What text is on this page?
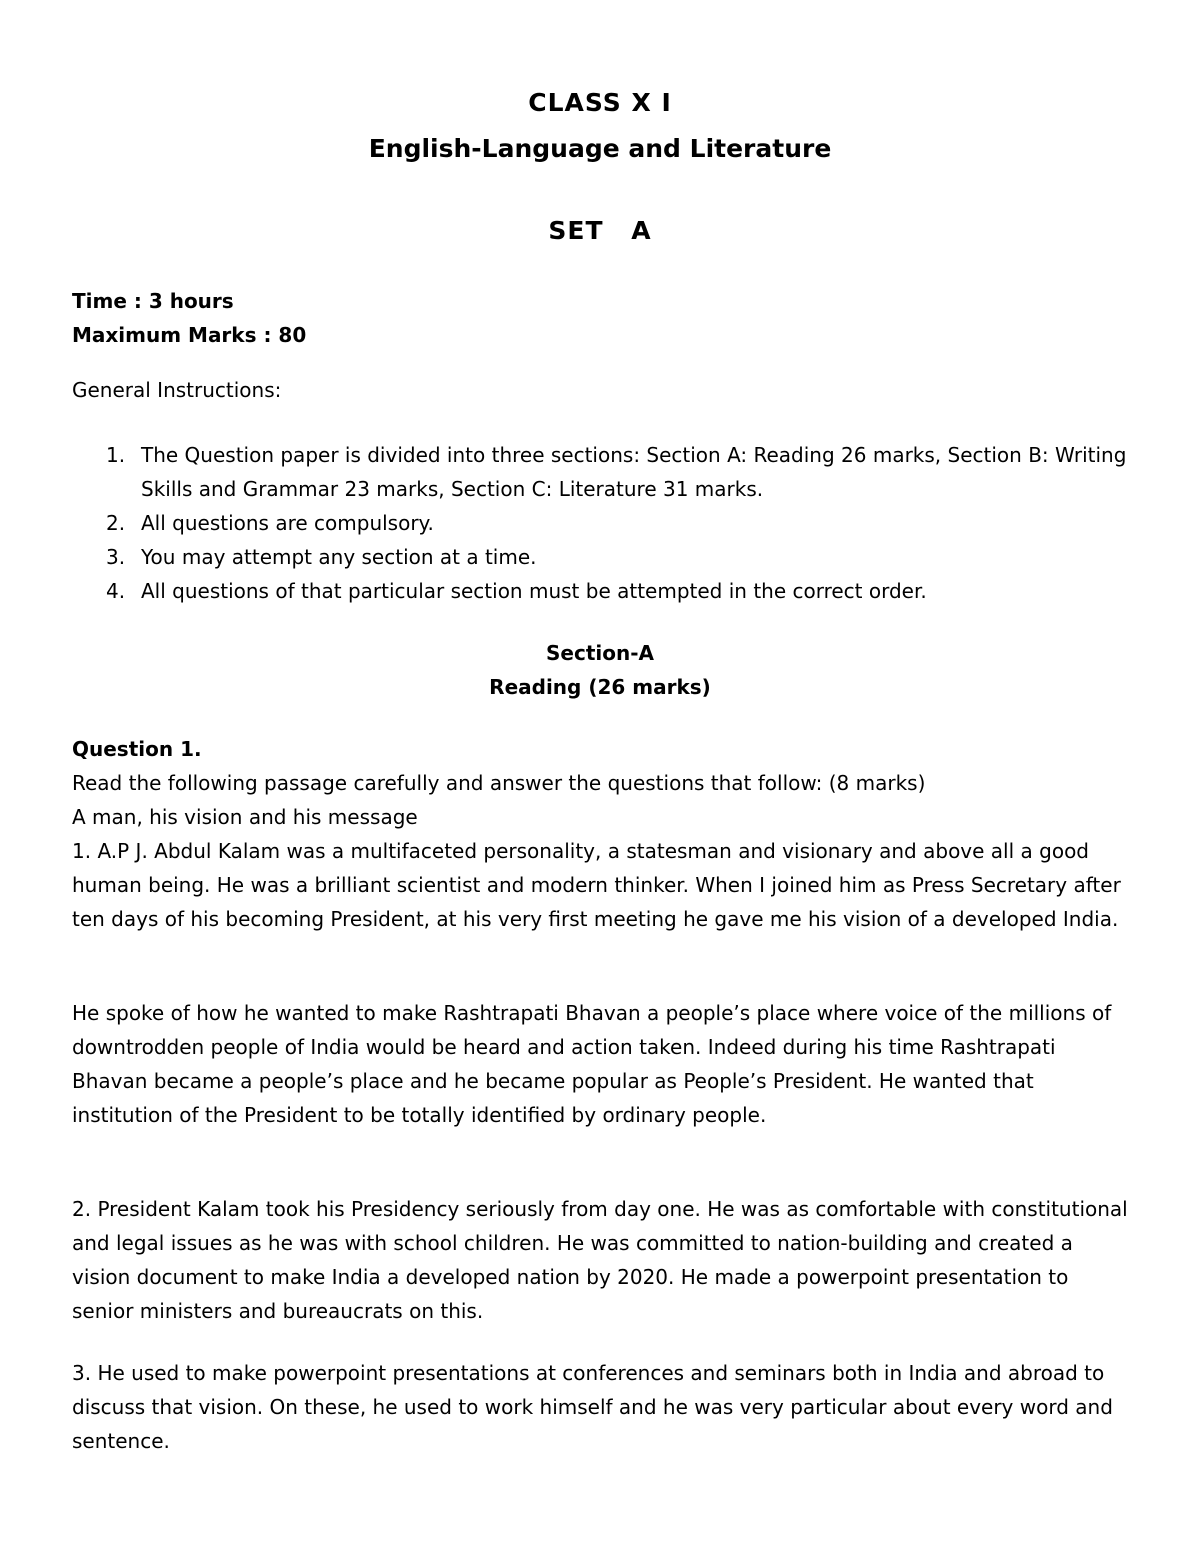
CLASS X I
English-Language and Literature
SET A
Time : 3 hours
Maximum Marks : 80
General Instructions:
1. The Question paper is divided into three sections: Section A: Reading 26 marks, Section B: Writing Skills and Grammar 23 marks, Section C: Literature 31 marks.
2. All questions are compulsory.
3. You may attempt any section at a time.
4. All questions of that particular section must be attempted in the correct order.
Section-A
Reading (26 marks)

Question 1.

Read the following passage carefully and answer the questions that follow: (8 marks)

A man, his vision and his message

1. A.P J. Abdul Kalam was a multifaceted personality, a statesman and visionary and above all a good human being. He was a brilliant scientist and modern thinker. When I joined him as Press Secretary after ten days of his becoming President, at his very first meeting he gave me his vision of a developed India.

He spoke of how he wanted to make Rashtrapati Bhavan a people’s place where voice of the millions of downtrodden people of India would be heard and action taken. Indeed during his time Rashtrapati Bhavan became a people’s place and he became popular as People’s President. He wanted that institution of the President to be totally identified by ordinary people.

2. President Kalam took his Presidency seriously from day one. He was as comfortable with constitutional and legal issues as he was with school children. He was committed to nation-building and created a vision document to make India a developed nation by 2020. He made a powerpoint presentation to senior ministers and bureaucrats on this.

3. He used to make powerpoint presentations at conferences and seminars both in India and abroad to discuss that vision. On these, he used to work himself and he was very particular about every word and sentence.
